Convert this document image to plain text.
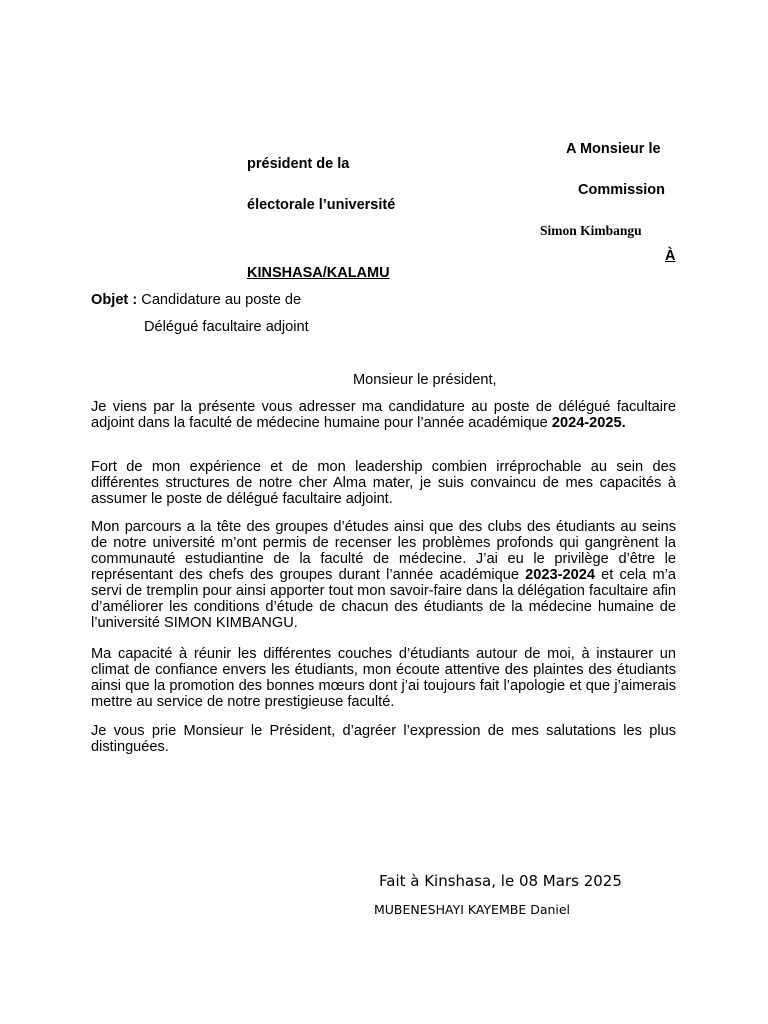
A Monsieur le
président de la
Commission
électorale l’université
Simon Kimbangu
À
KINSHASA/KALAMU
Objet : Candidature au poste de
Délégué facultaire adjoint
Monsieur le président,

Je viens par la présente vous adresser ma candidature au poste de délégué facultaire adjoint dans la faculté de médecine humaine pour l’année académique 2024-2025.

Fort de mon expérience et de mon leadership combien irréprochable au sein des différentes structures de notre cher Alma mater, je suis convaincu de mes capacités à assumer le poste de délégué facultaire adjoint.

Mon parcours a la tête des groupes d’études ainsi que des clubs des étudiants au seins de notre université m’ont permis de recenser les problèmes profonds qui gangrènent la communauté estudiantine de la faculté de médecine. J’ai eu le privilège d’être le représentant des chefs des groupes durant l’année académique 2023-2024 et cela m’a servi de tremplin pour ainsi apporter tout mon savoir-faire dans la délégation facultaire afin d’améliorer les conditions d’étude de chacun des étudiants de la médecine humaine de l’université SIMON KIMBANGU.

Ma capacité à réunir les différentes couches d’étudiants autour de moi, à instaurer un climat de confiance envers les étudiants, mon écoute attentive des plaintes des étudiants ainsi que la promotion des bonnes mœurs dont j’ai toujours fait l’apologie et que j’aimerais mettre au service de notre prestigieuse faculté.

Je vous prie Monsieur le Président, d’agréer l’expression de mes salutations les plus distinguées.

Fait à Kinshasa, le 08 Mars 2025
MUBENESHAYI KAYEMBE Daniel
